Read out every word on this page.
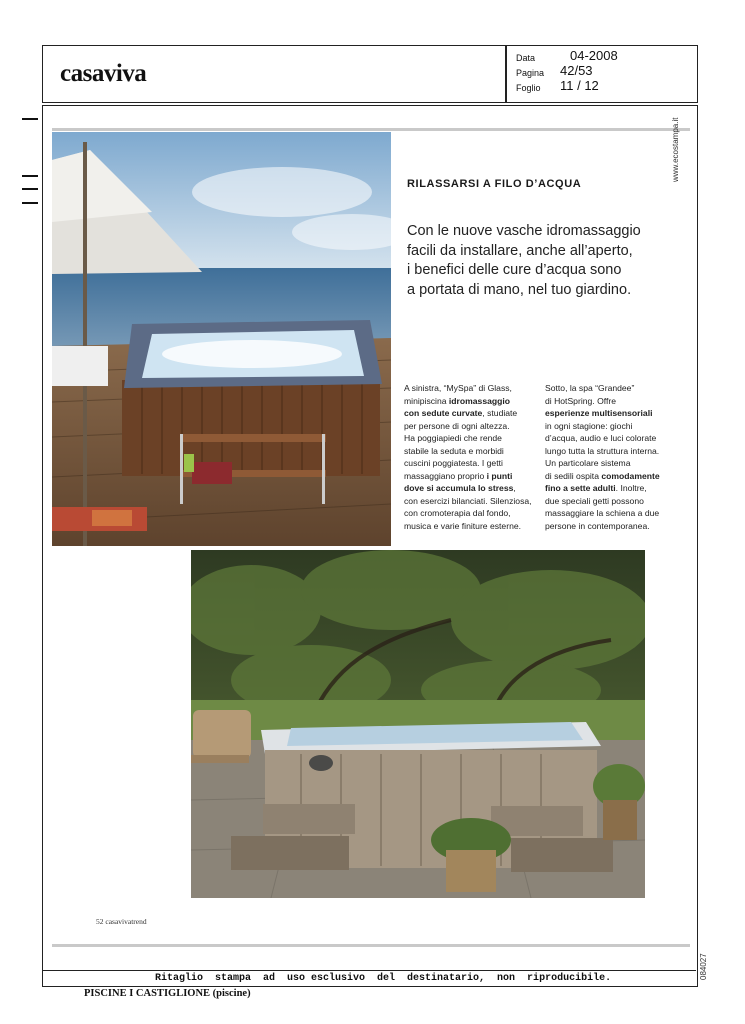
casaviva
Data	04-2008
Pagina 42/53
Foglio 11 / 12
www.ecostampa.it
084027
RILASSARSI A FILO D’ACQUA
Con le nuove vasche idromassaggio
facili da installare, anche all’aperto,
i benefici delle cure d’acqua sono
a portata di mano, nel tuo giardino.
A sinistra, “MySpa” di Glass,
minipiscina idromassaggio
con sedute curvate, studiate
per persone di ogni altezza.
Ha poggiapiedi che rende
stabile la seduta e morbidi
cuscini poggiatesta. I getti
massaggiano proprio i punti
dove si accumula lo stress,
con esercizi bilanciati. Silenziosa,
con cromoterapia dal fondo,
musica e varie finiture esterne.
Sotto, la spa “Grandee”
di HotSpring. Offre
esperienze multisensoriali
in ogni stagione: giochi
d’acqua, audio e luci colorate
lungo tutta la struttura interna.
Un particolare sistema
di sedili ospita comodamente
fino a sette adulti. Inoltre,
due speciali getti possono
massaggiare la schiena a due
persone in contemporanea.
52 casavivatrend
Ritaglio  stampa  ad  uso esclusivo  del  destinatario,  non  riproducibile.
PISCINE I CASTIGLIONE (piscine)
